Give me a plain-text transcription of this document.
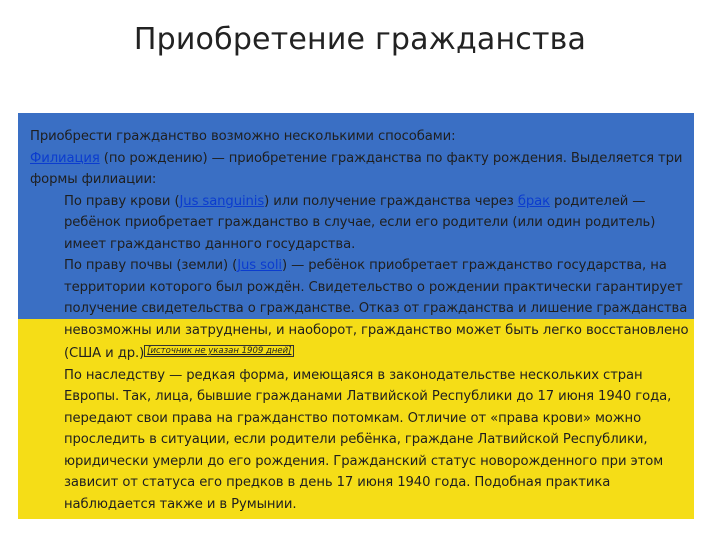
Приобретение гражданства

Приобрести гражданство возможно несколькими способами:

Филиация (по рождению) — приобретение гражданства по факту рождения. Выделяется три формы филиации:

По праву крови (Jus sanguinis) или получение гражданства через брак родителей — ребёнок приобретает гражданство в случае, если его родители (или один родитель) имеет гражданство данного государства.

По праву почвы (земли) (Jus soli) — ребёнок приобретает гражданство государства, на территории которого был рождён. Свидетельство о рождении практически гарантирует получение свидетельства о гражданстве. Отказ от гражданства и лишение гражданства невозможны или затруднены, и наоборот, гражданство может быть легко восстановлено (США и др.) [источник не указан 1909 дней]

По наследству — редкая форма, имеющаяся в законодательстве нескольких стран Европы. Так, лица, бывшие гражданами Латвийской Республики до 17 июня 1940 года, передают свои права на гражданство потомкам. Отличие от «права крови» можно проследить в ситуации, если родители ребёнка, граждане Латвийской Республики, юридически умерли до его рождения. Гражданский статус новорожденного при этом зависит от статуса его предков в день 17 июня 1940 года. Подобная практика наблюдается также и в Румынии.
